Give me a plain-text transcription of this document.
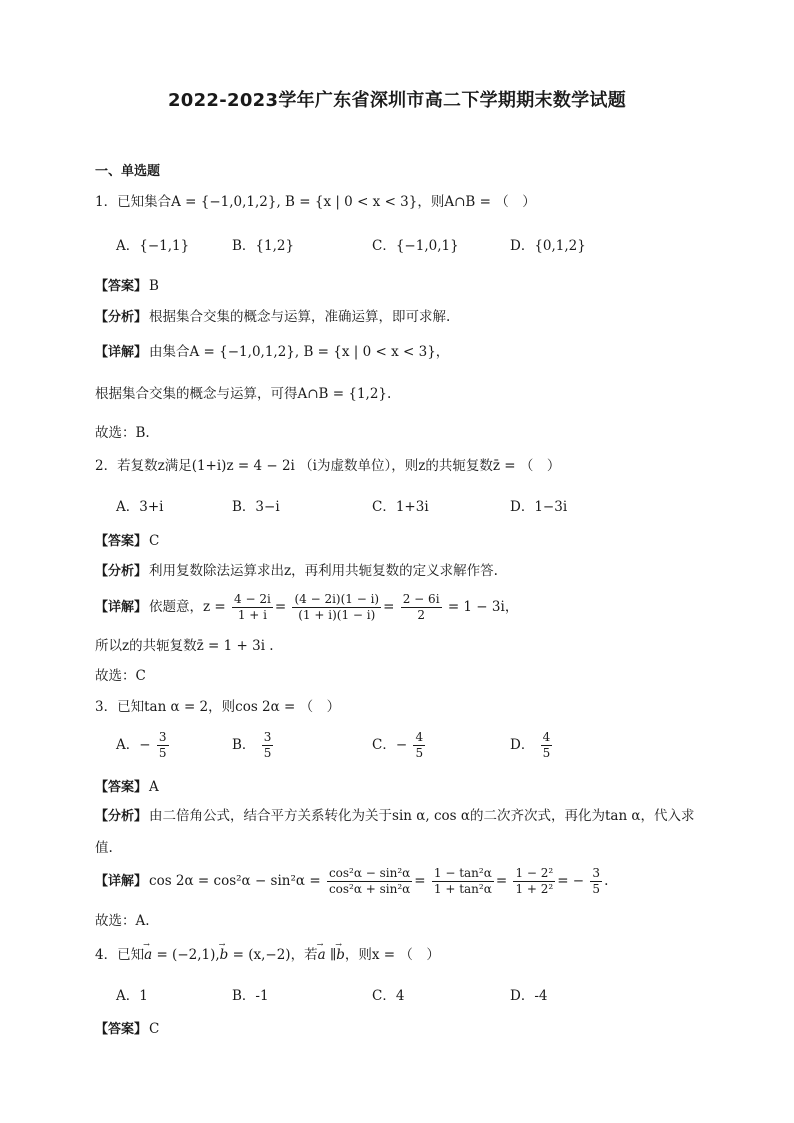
2022-2023学年广东省深圳市高二下学期期末数学试题
一、单选题
1．已知集合A = {−1,0,1,2}, B = {x | 0 < x < 3}，则A∩B = （　）
A．{−1,1}	B．{1,2}	C．{−1,0,1}	D．{0,1,2}
【答案】 B
【分析】 根据集合交集的概念与运算，准确运算，即可求解.
【详解】 由集合A = {−1,0,1,2}, B = {x | 0 < x < 3}，
根据集合交集的概念与运算，可得A∩B = {1,2}.
故选：B.
2．若复数z满足(1+i)z = 4 − 2i （i为虚数单位），则z的共轭复数z̄ = （　）
A．3+i	B．3−i	C．1+3i	D．1−3i
【答案】 C
【分析】 利用复数除法运算求出z，再利用共轭复数的定义求解作答.
【详解】 依题意，$z = \frac{4 - 2i}{1 + i} = \frac{(4 - 2i)(1 - i)}{(1 + i)(1 - i)} = \frac{2 - 6i}{2} = 1 - 3i$，
所以z的共轭复数z̄ = 1 + 3i .
故选：C
3．已知tan α = 2，则cos 2α = （　）
A．− $\frac{3}{5}$	B． $\frac{3}{5}$	C．− $\frac{4}{5}$	D． $\frac{4}{5}$
【答案】 A
【分析】 由二倍角公式，结合平方关系转化为关于sin α, cos α的二次齐次式，再化为tan α，代入求
值.
【详解】 $\cos 2\alpha = \cos^2\alpha - \sin^2\alpha = \frac{\text{cos²α − sin²α}}{\text{cos²α + sin²α}} = \frac{\text{1 − tan²α}}{\text{1 + tan²α}} = \frac{\text{1 − 2²}}{\text{1 + 2²}}$ = − $\frac{3}{5}$ .
故选：A.
4．已知→ a = (−2,1),→ b = (x,−2)，若→ a ∥→ b，则x = （　）
A．1	B．-1	C．4	D．-4
【答案】 C
